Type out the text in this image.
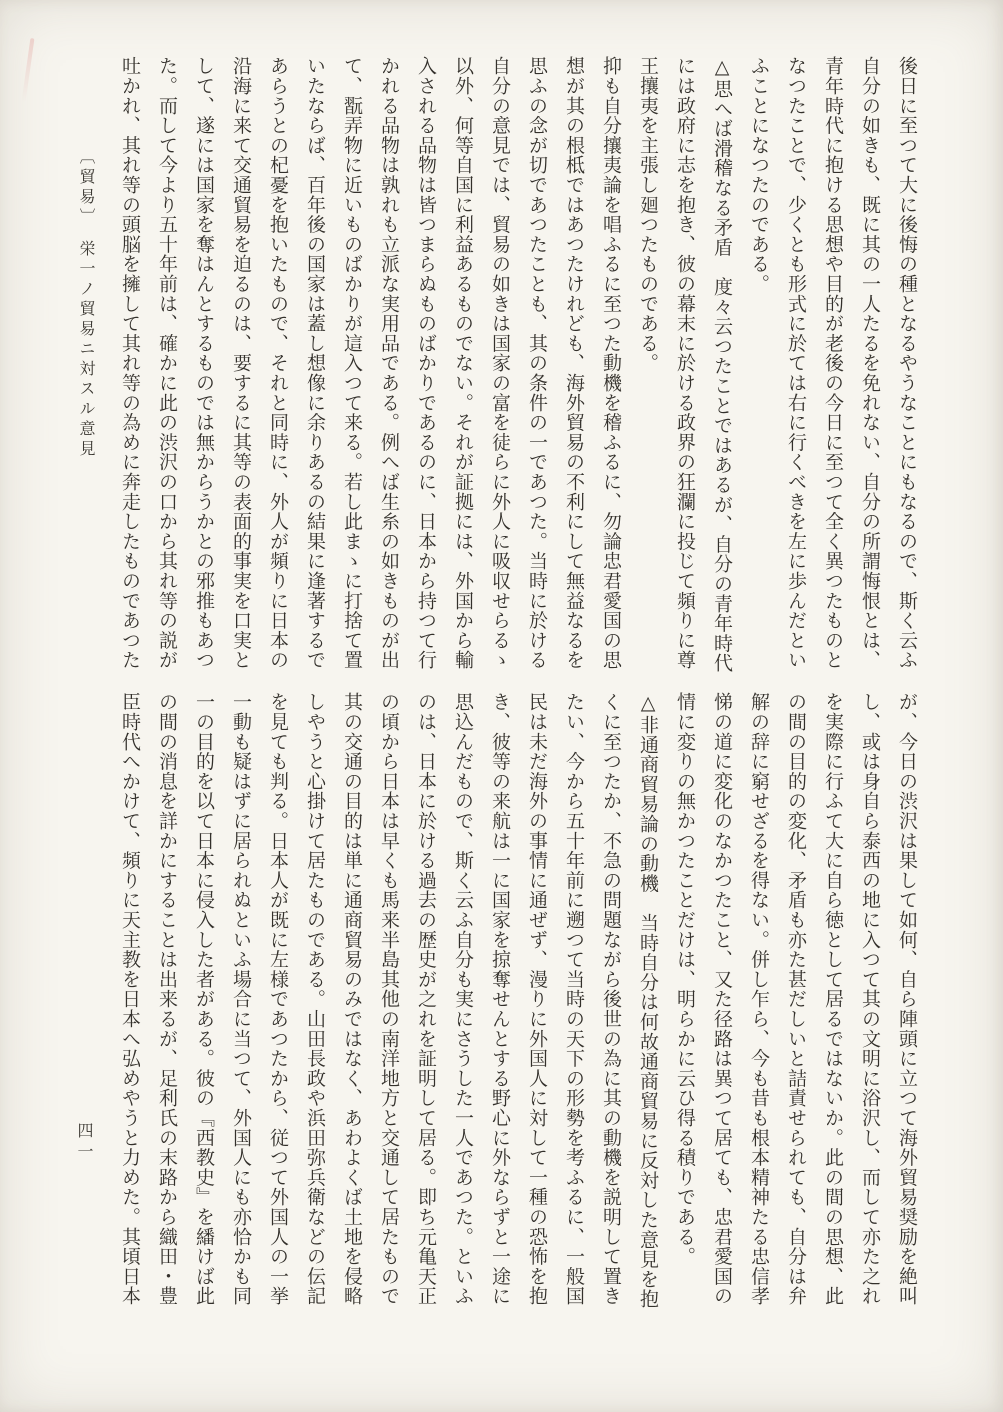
後日に至つて大に後悔の種となるやうなことにもなるので、斯く云ふ
自分の如きも、既に其の一人たるを免れない、自分の所謂悔恨とは、
青年時代に抱ける思想や目的が老後の今日に至つて全く異つたものと
なつたことで、少くとも形式に於ては右に行くべきを左に歩んだとい
ふことになつたのである。
△思へば滑稽なる矛盾　度々云つたことではあるが、自分の青年時代
には政府に志を抱き、彼の幕末に於ける政界の狂瀾に投じて頻りに尊
王攘夷を主張し廻つたものである。
抑も自分攘夷論を唱ふるに至つた動機を稽ふるに、勿論忠君愛国の思
想が其の根柢ではあつたけれども、海外貿易の不利にして無益なるを
思ふの念が切であつたことも、其の条件の一であつた。当時に於ける
自分の意見では、貿易の如きは国家の富を徒らに外人に吸収せらるゝ
以外、何等自国に利益あるものでない。それが証拠には、外国から輸
入される品物は皆つまらぬものばかりであるのに、日本から持つて行
かれる品物は孰れも立派な実用品である。例へば生糸の如きものが出
て、翫弄物に近いものばかりが這入つて来る。若し此まゝに打捨て置
いたならば、百年後の国家は蓋し想像に余りあるの結果に逢著するで
あらうとの杞憂を抱いたもので、それと同時に、外人が頻りに日本の
沿海に来て交通貿易を迫るのは、要するに其等の表面的事実を口実と
して、遂には国家を奪はんとするものでは無からうかとの邪推もあつ
た。而して今より五十年前は、確かに此の渋沢の口から其れ等の説が
吐かれ、其れ等の頭脳を擁して其れ等の為めに奔走したものであつた
〔貿易〕　栄一ノ貿易ニ対スル意見
が、今日の渋沢は果して如何、自ら陣頭に立つて海外貿易奨励を絶叫
し、或は身自ら泰西の地に入つて其の文明に浴沢し、而して亦た之れ
を実際に行ふて大に自ら徳として居るではないか。此の間の思想、此
の間の目的の変化、矛盾も亦た甚だしいと詰責せられても、自分は弁
解の辞に窮せざるを得ない。併し乍ら、今も昔も根本精神たる忠信孝
悌の道に変化のなかつたこと、又た径路は異つて居ても、忠君愛国の
情に変りの無かつたことだけは、明らかに云ひ得る積りである。
△非通商貿易論の動機　当時自分は何故通商貿易に反対した意見を抱
くに至つたか、不急の問題ながら後世の為に其の動機を説明して置き
たい、今から五十年前に遡つて当時の天下の形勢を考ふるに、一般国
民は未だ海外の事情に通ぜず、漫りに外国人に対して一種の恐怖を抱
き、彼等の来航は一に国家を掠奪せんとする野心に外ならずと一途に
思込んだもので、斯く云ふ自分も実にさうした一人であつた。といふ
のは、日本に於ける過去の歴史が之れを証明して居る。即ち元亀天正
の頃から日本は早くも馬来半島其他の南洋地方と交通して居たもので
其の交通の目的は単に通商貿易のみではなく、あわよくば土地を侵略
しやうと心掛けて居たものである。山田長政や浜田弥兵衛などの伝記
を見ても判る。日本人が既に左様であつたから、従つて外国人の一挙
一動も疑はずに居られぬといふ場合に当つて、外国人にも亦恰かも同
一の目的を以て日本に侵入した者がある。彼の『西教史』を繙けば此
の間の消息を詳かにすることは出来るが、足利氏の末路から織田・豊
臣時代へかけて、頻りに天主教を日本へ弘めやうと力めた。其頃日本
四一
